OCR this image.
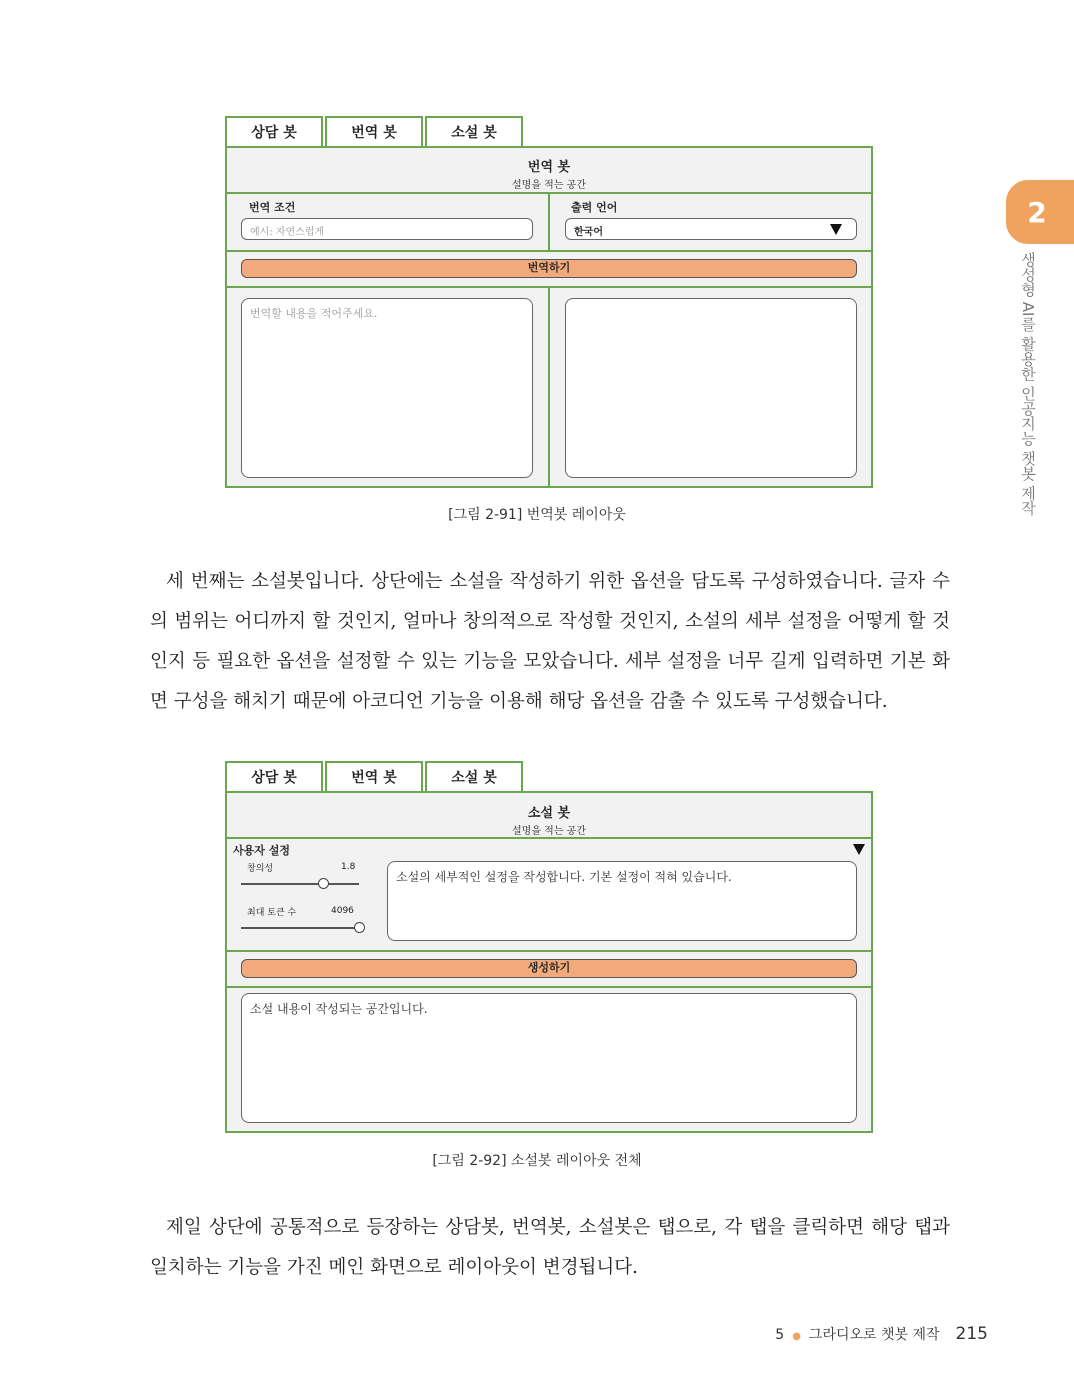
2
생성형 AI를 활용한 인공지능 챗봇 제작
상담 봇	번역 봇	소설 봇
번역 봇
설명을 적는 공간
번역 조건
예시: 자연스럽게
출력 언어
한국어
번역하기
번역할 내용을 적어주세요.
[그림 2-91] 번역봇 레이아웃

세 번째는 소설봇입니다. 상단에는 소설을 작성하기 위한 옵션을 담도록 구성하였습니다. 글자 수의 범위는 어디까지 할 것인지, 얼마나 창의적으로 작성할 것인지, 소설의 세부 설정을 어떻게 할 것인지 등 필요한 옵션을 설정할 수 있는 기능을 모았습니다. 세부 설정을 너무 길게 입력하면 기본 화면 구성을 해치기 때문에 아코디언 기능을 이용해 해당 옵션을 감출 수 있도록 구성했습니다.

상담 봇	번역 봇	소설 봇
소설 봇
설명을 적는 공간
사용자 설정
창의성	1.8
최대 토큰 수	4096
소설의 세부적인 설정을 작성합니다. 기본 설정이 적혀 있습니다.
생성하기
소설 내용이 작성되는 공간입니다.
[그림 2-92] 소설봇 레이아웃 전체

제일 상단에 공통적으로 등장하는 상담봇, 번역봇, 소설봇은 탭으로, 각 탭을 클릭하면 해당 탭과 일치하는 기능을 가진 메인 화면으로 레이아웃이 변경됩니다.

5 ● 그라디오로 챗봇 제작 215
